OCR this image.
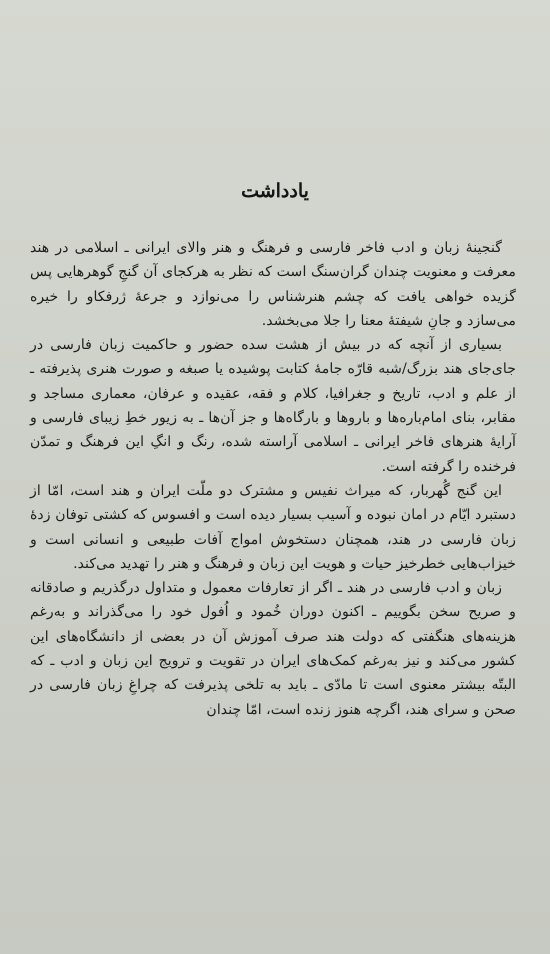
یادداشت

گنجینهٔ زبان و ادب فاخر فارسی و فرهنگ و هنر والای ایرانی ـ اسلامی در هند معرفت و معنویت چندان گران‌سنگ است که نظر به هرکجای آن گنجِ گوهرهایی پس گزیده خواهی یافت که چشم هنرشناس را می‌نوازد و جرعهٔ ژرفکاو را خیره می‌سازد و جانِ شیفتهٔ معنا را جلا می‌بخشد.

بسیاری از آنچه که در بیش از هشت سده حضور و حاکمیت زبان فارسی در جای‌جای هند بزرگ/شبه قارّه جامهٔ کتابت پوشیده یا صبغه و صورت هنری پذیرفته ـ از علم و ادب، تاریخ و جغرافیا، کلام و فقه، عقیده و عرفان، معماری مساجد و مقابر، بنای امام‌باره‌ها و باروها و بارگاه‌ها و جز آن‌ها ـ به زیور خطِ زیبای فارسی و آرایهٔ هنرهای فاخر ایرانی ـ اسلامی آراسته شده، رنگ و انگِ این فرهنگ و تمدّن فرخنده را گرفته است.

این گنج گُهربار، که میراث نفیس و مشترک دو ملّت ایران و هند است، امّا از دستبرد ایّام در امان نبوده و آسیب بسیار دیده است و افسوس که کشتی توفان زدهٔ زبان فارسی در هند، همچنان دستخوش امواج آفات طبیعی و انسانی است و خیزاب‌هایی خطرخیز حیات و هویت این زبان و فرهنگ و هنر را تهدید می‌کند.

زبان و ادب فارسی در هند ـ اگر از تعارفات معمول و متداول درگذریم و صادقانه و صریح سخن بگوییم ـ اکنون دوران خُمود و اُفول خود را می‌گذراند و به‌رغم هزینه‌های هنگفتی که دولت هند صرف آموزش آن در بعضی از دانشگاه‌های این کشور می‌کند و نیز به‌رغم کمک‌های ایران در تقویت و ترویج این زبان و ادب ـ که البتّه بیشتر معنوی است تا مادّی ـ باید به تلخی پذیرفت که چراغِ زبان فارسی در صحن و سرای هند، اگرچه هنوز زنده است، امّا چندان
